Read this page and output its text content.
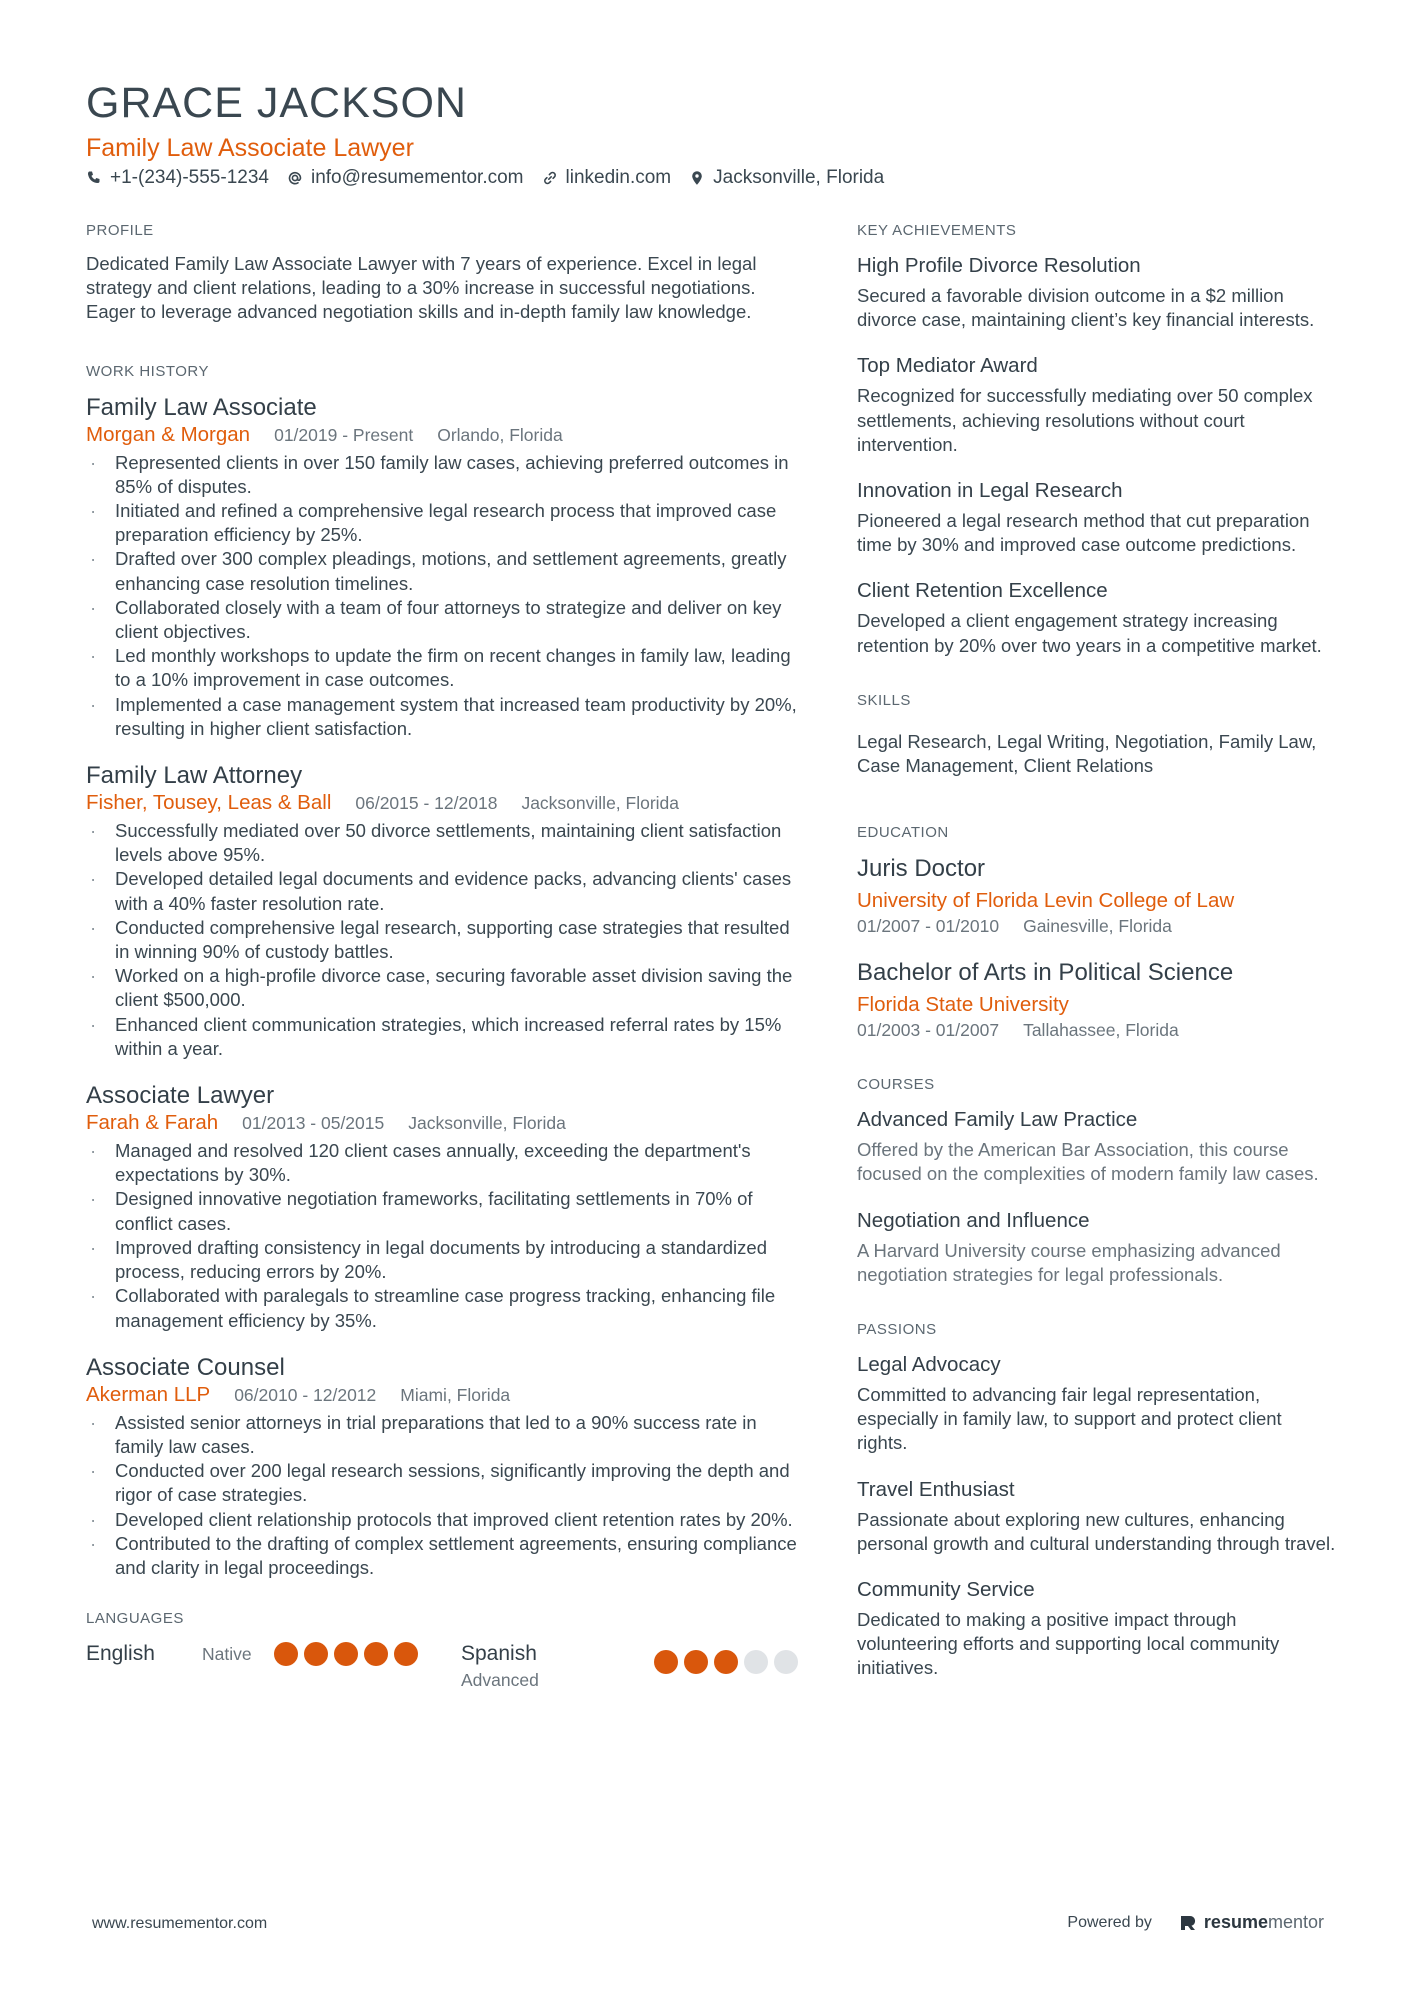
GRACE JACKSON
Family Law Associate Lawyer
+1-(234)-555-1234 info@resumementor.com linkedin.com Jacksonville, Florida
PROFILE
Dedicated Family Law Associate Lawyer with 7 years of experience. Excel in legal strategy and client relations, leading to a 30% increase in successful negotiations. Eager to leverage advanced negotiation skills and in-depth family law knowledge.
WORK HISTORY
Family Law Associate
Morgan & Morgan 01/2019 - Present Orlando, Florida
· Represented clients in over 150 family law cases, achieving preferred outcomes in 85% of disputes.
· Initiated and refined a comprehensive legal research process that improved case preparation efficiency by 25%.
· Drafted over 300 complex pleadings, motions, and settlement agreements, greatly enhancing case resolution timelines.
· Collaborated closely with a team of four attorneys to strategize and deliver on key client objectives.
· Led monthly workshops to update the firm on recent changes in family law, leading to a 10% improvement in case outcomes.
· Implemented a case management system that increased team productivity by 20%, resulting in higher client satisfaction.
Family Law Attorney
Fisher, Tousey, Leas & Ball 06/2015 - 12/2018 Jacksonville, Florida
· Successfully mediated over 50 divorce settlements, maintaining client satisfaction levels above 95%.
· Developed detailed legal documents and evidence packs, advancing clients' cases with a 40% faster resolution rate.
· Conducted comprehensive legal research, supporting case strategies that resulted in winning 90% of custody battles.
· Worked on a high-profile divorce case, securing favorable asset division saving the client $500,000.
· Enhanced client communication strategies, which increased referral rates by 15% within a year.
Associate Lawyer
Farah & Farah 01/2013 - 05/2015 Jacksonville, Florida
· Managed and resolved 120 client cases annually, exceeding the department's expectations by 30%.
· Designed innovative negotiation frameworks, facilitating settlements in 70% of conflict cases.
· Improved drafting consistency in legal documents by introducing a standardized process, reducing errors by 20%.
· Collaborated with paralegals to streamline case progress tracking, enhancing file management efficiency by 35%.
Associate Counsel
Akerman LLP 06/2010 - 12/2012 Miami, Florida
· Assisted senior attorneys in trial preparations that led to a 90% success rate in family law cases.
· Conducted over 200 legal research sessions, significantly improving the depth and rigor of case strategies.
· Developed client relationship protocols that improved client retention rates by 20%.
· Contributed to the drafting of complex settlement agreements, ensuring compliance and clarity in legal proceedings.
LANGUAGES
English	Native	Spanish
Advanced
KEY ACHIEVEMENTS
High Profile Divorce Resolution
Secured a favorable division outcome in a $2 million divorce case, maintaining client’s key financial interests.
Top Mediator Award
Recognized for successfully mediating over 50 complex settlements, achieving resolutions without court intervention.
Innovation in Legal Research
Pioneered a legal research method that cut preparation time by 30% and improved case outcome predictions.
Client Retention Excellence
Developed a client engagement strategy increasing retention by 20% over two years in a competitive market.
SKILLS
Legal Research, Legal Writing, Negotiation, Family Law, Case Management, Client Relations
EDUCATION
Juris Doctor
University of Florida Levin College of Law
01/2007 - 01/2010 Gainesville, Florida
Bachelor of Arts in Political Science
Florida State University
01/2003 - 01/2007 Tallahassee, Florida
COURSES
Advanced Family Law Practice
Offered by the American Bar Association, this course focused on the complexities of modern family law cases.
Negotiation and Influence
A Harvard University course emphasizing advanced negotiation strategies for legal professionals.
PASSIONS
Legal Advocacy
Committed to advancing fair legal representation, especially in family law, to support and protect client rights.
Travel Enthusiast
Passionate about exploring new cultures, enhancing personal growth and cultural understanding through travel.
Community Service
Dedicated to making a positive impact through volunteering efforts and supporting local community initiatives.
www.resumementor.com	Powered by	resume mentor
